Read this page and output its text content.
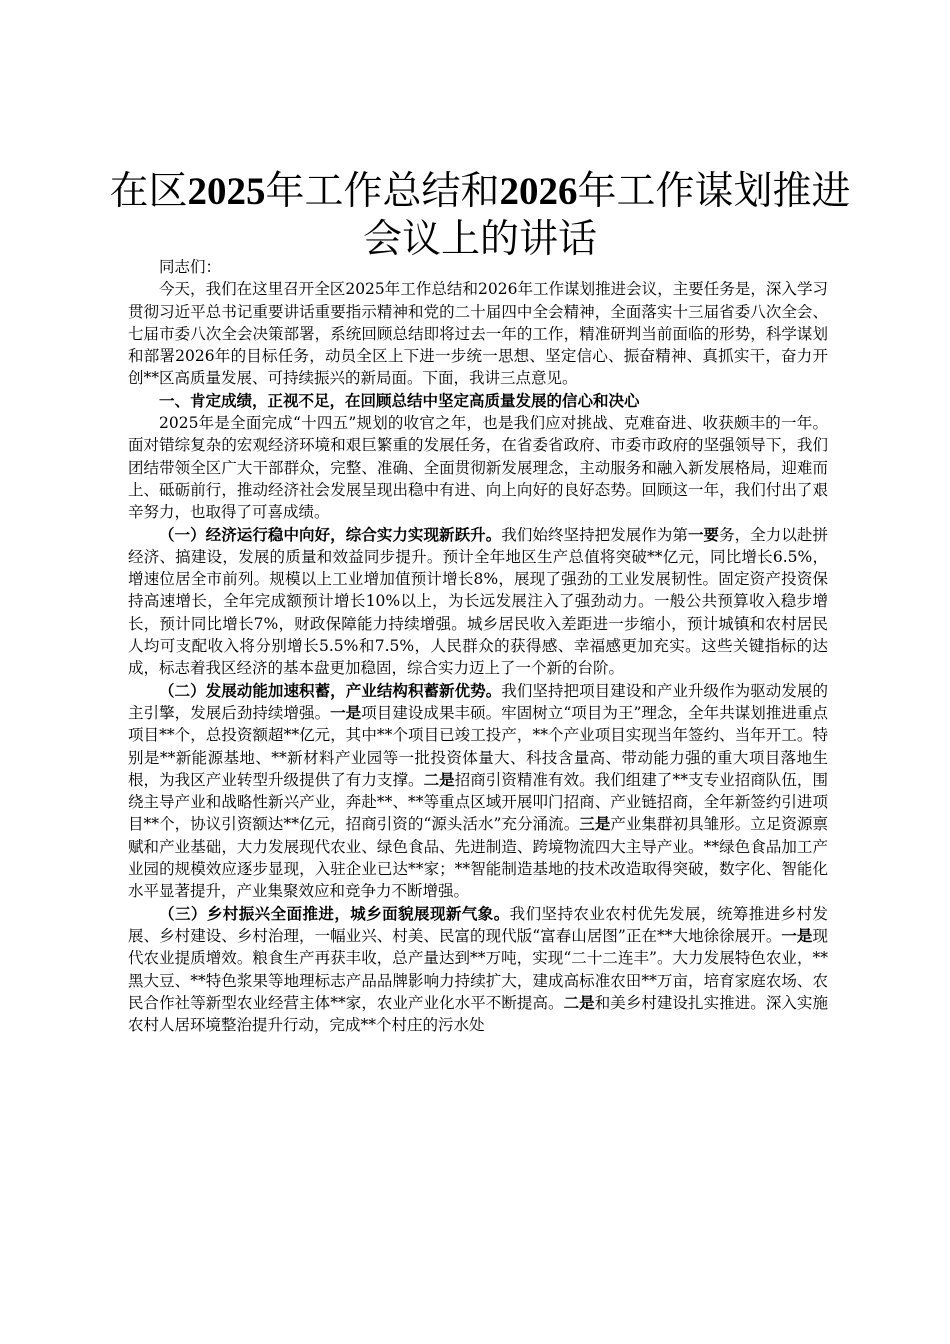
在区2025年工作总结和2026年工作谋划推进
会议上的讲话

同志们：

今天，我们在这里召开全区2025年工作总结和2026年工作谋划推进会议，主要任务是，深入学习贯彻习近平总书记重要讲话重要指示精神和党的二十届四中全会精神，全面落实十三届省委八次全会、七届市委八次全会决策部署，系统回顾总结即将过去一年的工作，精准研判当前面临的形势，科学谋划和部署2026年的目标任务，动员全区上下进一步统一思想、坚定信心、振奋精神、真抓实干，奋力开创**区高质量发展、可持续振兴的新局面。下面，我讲三点意见。

一、肯定成绩，正视不足，在回顾总结中坚定高质量发展的信心和决心

2025年是全面完成“十四五”规划的收官之年，也是我们应对挑战、克难奋进、收获颇丰的一年。面对错综复杂的宏观经济环境和艰巨繁重的发展任务，在省委省政府、市委市政府的坚强领导下，我们团结带领全区广大干部群众，完整、准确、全面贯彻新发展理念，主动服务和融入新发展格局，迎难而上、砥砺前行，推动经济社会发展呈现出稳中有进、向上向好的良好态势。回顾这一年，我们付出了艰辛努力，也取得了可喜成绩。

（一）经济运行稳中向好，综合实力实现新跃升。我们始终坚持把发展作为第一要务，全力以赴拼经济、搞建设，发展的质量和效益同步提升。预计全年地区生产总值将突破**亿元，同比增长6.5%，增速位居全市前列。规模以上工业增加值预计增长8%，展现了强劲的工业发展韧性。固定资产投资保持高速增长，全年完成额预计增长10%以上，为长远发展注入了强劲动力。一般公共预算收入稳步增长，预计同比增长7%，财政保障能力持续增强。城乡居民收入差距进一步缩小，预计城镇和农村居民人均可支配收入将分别增长5.5%和7.5%，人民群众的获得感、幸福感更加充实。这些关键指标的达成，标志着我区经济的基本盘更加稳固，综合实力迈上了一个新的台阶。

（二）发展动能加速积蓄，产业结构积蓄新优势。我们坚持把项目建设和产业升级作为驱动发展的主引擎，发展后劲持续增强。一是项目建设成果丰硕。牢固树立“项目为王”理念，全年共谋划推进重点项目**个，总投资额超**亿元，其中**个项目已竣工投产，**个产业项目实现当年签约、当年开工。特别是**新能源基地、**新材料产业园等一批投资体量大、科技含量高、带动能力强的重大项目落地生根，为我区产业转型升级提供了有力支撑。二是招商引资精准有效。我们组建了**支专业招商队伍，围绕主导产业和战略性新兴产业，奔赴**、**等重点区域开展叩门招商、产业链招商，全年新签约引进项目**个，协议引资额达**亿元，招商引资的“源头活水”充分涌流。三是产业集群初具雏形。立足资源禀赋和产业基础，大力发展现代农业、绿色食品、先进制造、跨境物流四大主导产业。**绿色食品加工产业园的规模效应逐步显现，入驻企业已达**家；**智能制造基地的技术改造取得突破，数字化、智能化水平显著提升，产业集聚效应和竞争力不断增强。

（三）乡村振兴全面推进，城乡面貌展现新气象。我们坚持农业农村优先发展，统筹推进乡村发展、乡村建设、乡村治理，一幅业兴、村美、民富的现代版“富春山居图”正在**大地徐徐展开。一是现代农业提质增效。粮食生产再获丰收，总产量达到**万吨，实现“二十二连丰”。大力发展特色农业，**黑大豆、**特色浆果等地理标志产品品牌影响力持续扩大，建成高标准农田**万亩，培育家庭农场、农民合作社等新型农业经营主体**家，农业产业化水平不断提高。二是和美乡村建设扎实推进。深入实施农村人居环境整治提升行动，完成**个村庄的污水处
